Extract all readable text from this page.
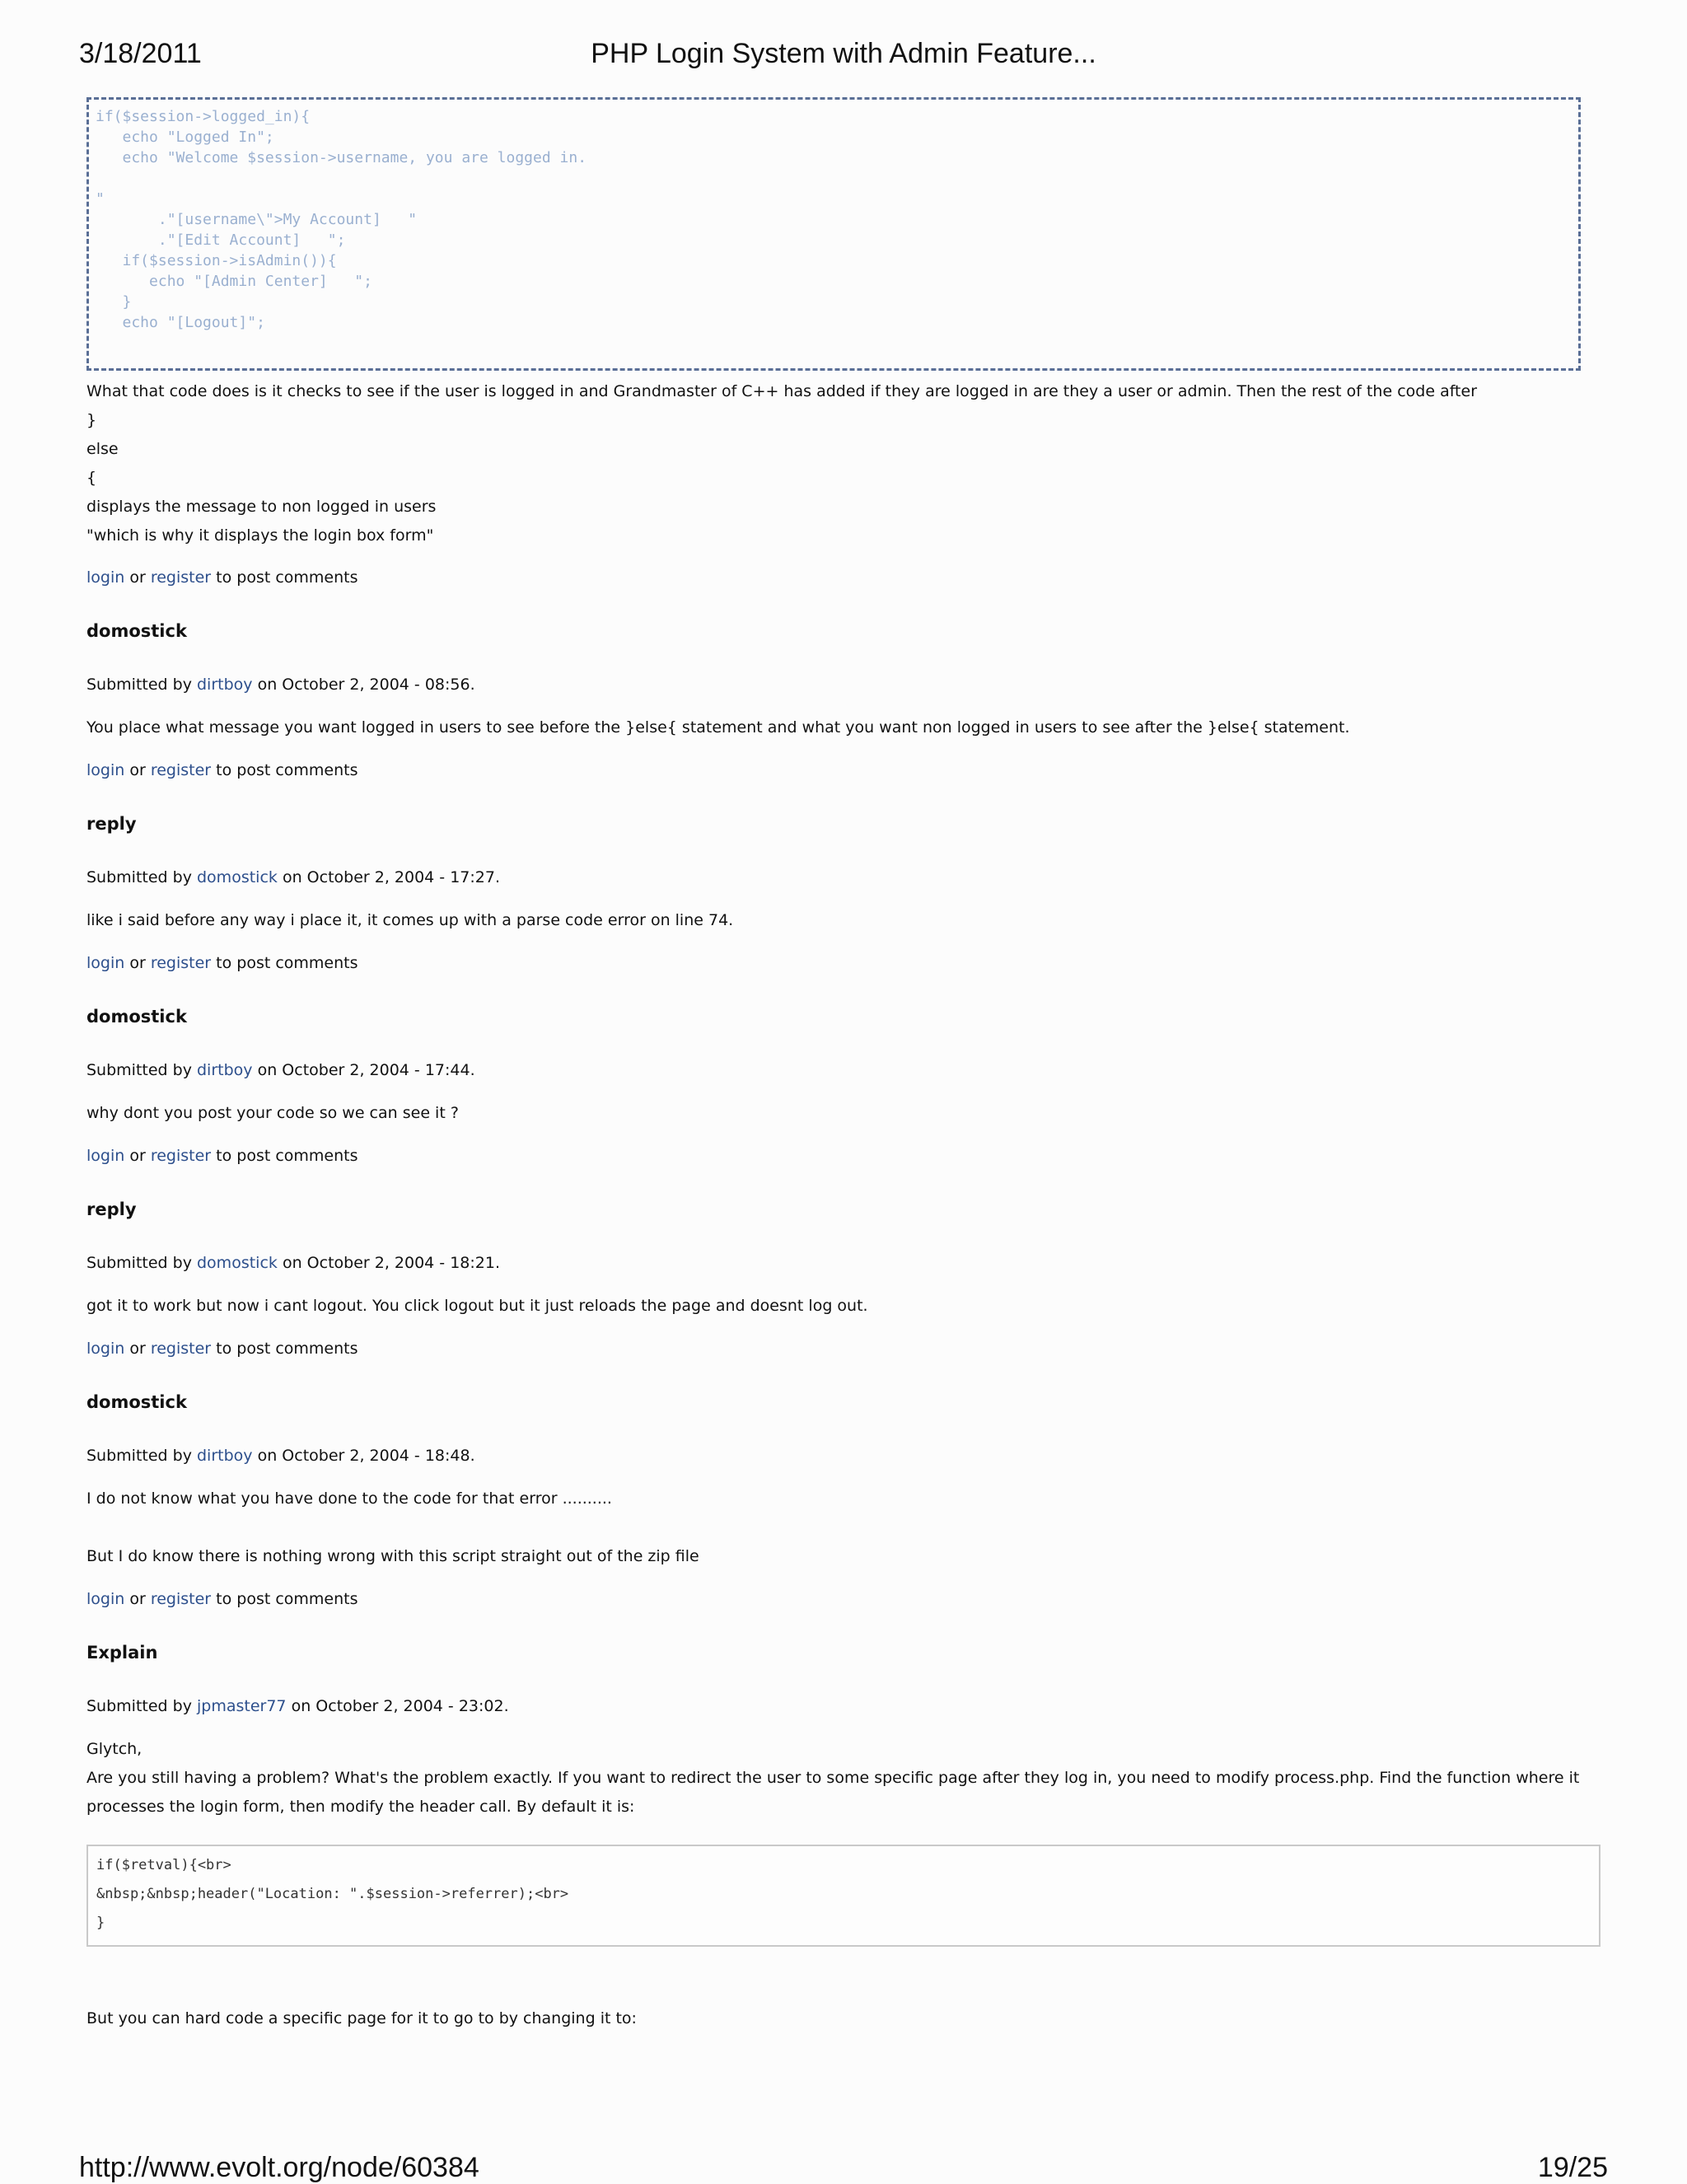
3/18/2011	PHP Login System with Admin Feature...
if($session->logged_in){
echo "Logged In";
echo "Welcome $session->username, you are logged in.

"
."[username\">My Account]   "
."[Edit Account]   ";
if($session->isAdmin()){
echo "[Admin Center]   ";
}
echo "[Logout]";

What that code does is it checks to see if the user is logged in and Grandmaster of C++ has added if they are logged in are they a user or admin. Then the rest of the code after

}

else

{

displays the message to non logged in users

"which is why it displays the login box form"

login or register to post comments

domostick

Submitted by dirtboy on October 2, 2004 - 08:56.

You place what message you want logged in users to see before the }else{ statement and what you want non logged in users to see after the }else{ statement.

login or register to post comments

reply

Submitted by domostick on October 2, 2004 - 17:27.

like i said before any way i place it, it comes up with a parse code error on line 74.

login or register to post comments

domostick

Submitted by dirtboy on October 2, 2004 - 17:44.

why dont you post your code so we can see it ?

login or register to post comments

reply

Submitted by domostick on October 2, 2004 - 18:21.

got it to work but now i cant logout. You click logout but it just reloads the page and doesnt log out.

login or register to post comments

domostick

Submitted by dirtboy on October 2, 2004 - 18:48.

I do not know what you have done to the code for that error ..........

But I do know there is nothing wrong with this script straight out of the zip file

login or register to post comments

Explain

Submitted by jpmaster77 on October 2, 2004 - 23:02.

Glytch,

Are you still having a problem? What's the problem exactly. If you want to redirect the user to some specific page after they log in, you need to modify process.php. Find the function where it processes the login form, then modify the header call. By default it is:

if($retval){<br>
&nbsp;&nbsp;header("Location: ".$session->referrer);<br>
}

But you can hard code a specific page for it to go to by changing it to:

http://www.evolt.org/node/60384	19/25
